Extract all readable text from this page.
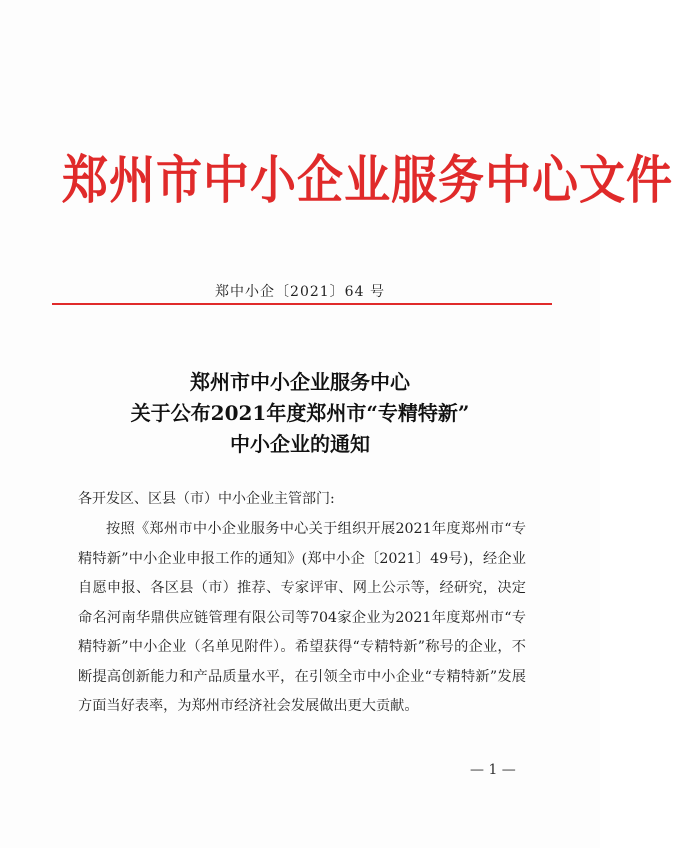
郑州市中小企业服务中心文件
郑中小企〔2021〕64 号
郑州市中小企业服务中心
关于公布2021年度郑州市“专精特新”
中小企业的通知
各开发区、区县（市）中小企业主管部门:

按照《郑州市中小企业服务中心关于组织开展2021年度郑州市“专精特新”中小企业申报工作的通知》(郑中小企〔2021〕49号)，经企业自愿申报、各区县（市）推荐、专家评审、网上公示等，经研究，决定命名河南华鼎供应链管理有限公司等704家企业为2021年度郑州市“专精特新”中小企业（名单见附件）。希望获得“专精特新”称号的企业，不断提高创新能力和产品质量水平，在引领全市中小企业“专精特新”发展方面当好表率，为郑州市经济社会发展做出更大贡献。

— 1 —
